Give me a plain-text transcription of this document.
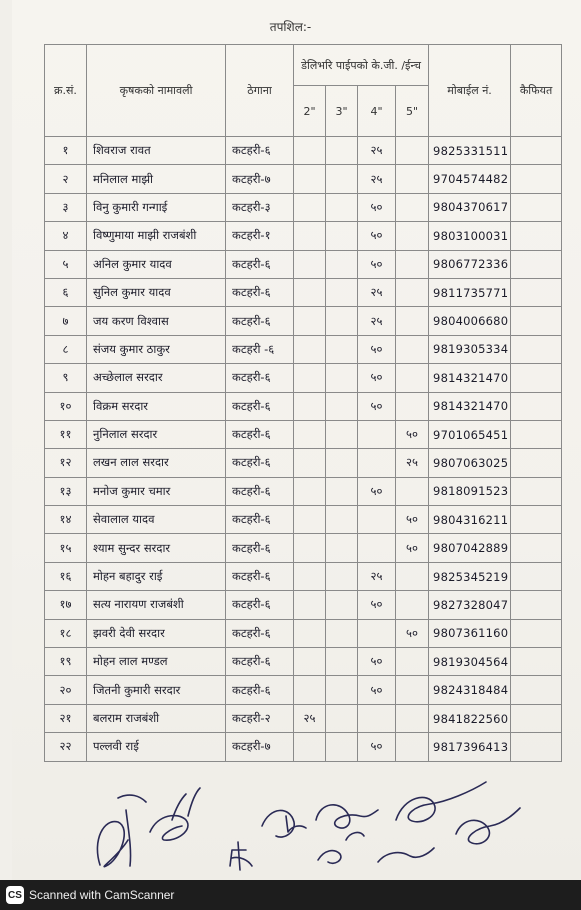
तपशिल:-
क्र.सं.	कृषकको नामावली	ठेगाना	डेलिभरि पाईपको के.जी. /ईन्च				मोबाईल नं.	कैफियत
			2"	3"	4"	5"		
१	शिवराज रावत	कटहरी-६			२५		9825331511	
२	मनिलाल माझी	कटहरी-७			२५		9704574482	
३	विनु कुमारी गन्गाई	कटहरी-३			५०		9804370617	
४	विष्णुमाया माझी राजबंशी	कटहरी-१			५०		9803100031	
५	अनिल कुमार यादव	कटहरी-६			५०		9806772336	
६	सुनिल कुमार यादव	कटहरी-६			२५		9811735771	
७	जय करण विश्वास	कटहरी-६			२५		9804006680	
८	संजय कुमार ठाकुर	कटहरी -६			५०		9819305334	
९	अच्छेलाल सरदार	कटहरी-६			५०		9814321470	
१०	विक्रम सरदार	कटहरी-६			५०		9814321470	
११	नुनिलाल सरदार	कटहरी-६				५०	9701065451	
१२	लखन लाल सरदार	कटहरी-६				२५	9807063025	
१३	मनोज कुमार चमार	कटहरी-६			५०		9818091523	
१४	सेवालाल यादव	कटहरी-६				५०	9804316211	
१५	श्याम सुन्दर सरदार	कटहरी-६				५०	9807042889	
१६	मोहन बहादुर राई	कटहरी-६			२५		9825345219	
१७	सत्य नारायण राजबंशी	कटहरी-६			५०		9827328047	
१८	झवरी देवी सरदार	कटहरी-६				५०	9807361160	
१९	मोहन लाल मण्डल	कटहरी-६			५०		9819304564	
२०	जितनी कुमारी सरदार	कटहरी-६			५०		9824318484	
२१	बलराम राजबंशी	कटहरी-२	२५				9841822560	
२२	पल्लवी राई	कटहरी-७			५०		9817396413	
CS Scanned with CamScanner
